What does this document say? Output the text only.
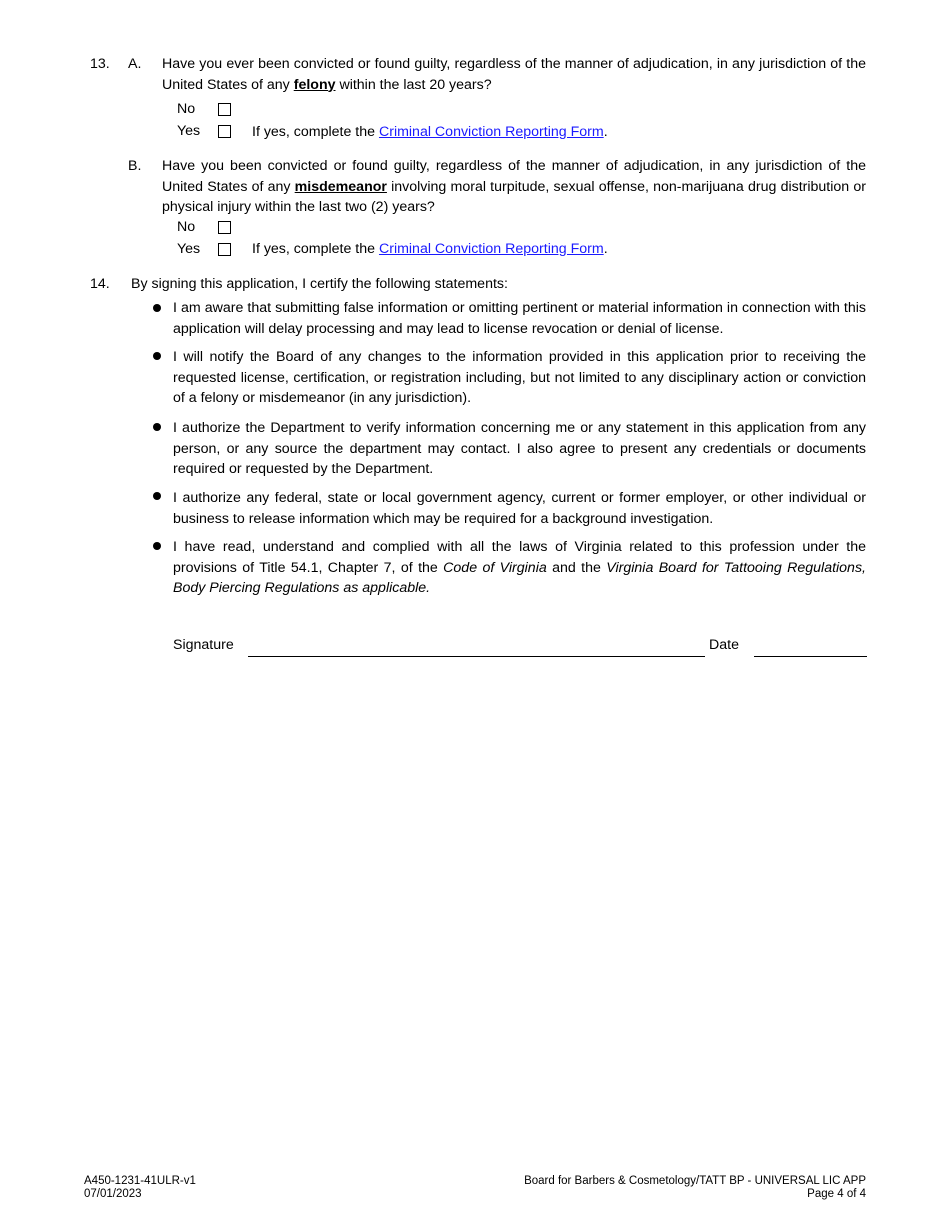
13. A. Have you ever been convicted or found guilty, regardless of the manner of adjudication, in any jurisdiction of the United States of any felony within the last 20 years?
No
Yes	If yes, complete the Criminal Conviction Reporting Form.
B. Have you been convicted or found guilty, regardless of the manner of adjudication, in any jurisdiction of the United States of any misdemeanor involving moral turpitude, sexual offense, non-marijuana drug distribution or physical injury within the last two (2) years?
No
Yes	If yes, complete the Criminal Conviction Reporting Form.
14. By signing this application, I certify the following statements:
I am aware that submitting false information or omitting pertinent or material information in connection with this application will delay processing and may lead to license revocation or denial of license.
I will notify the Board of any changes to the information provided in this application prior to receiving the requested license, certification, or registration including, but not limited to any disciplinary action or conviction of a felony or misdemeanor (in any jurisdiction).
I authorize the Department to verify information concerning me or any statement in this application from any person, or any source the department may contact. I also agree to present any credentials or documents required or requested by the Department.
I authorize any federal, state or local government agency, current or former employer, or other individual or business to release information which may be required for a background investigation.
I have read, understand and complied with all the laws of Virginia related to this profession under the provisions of Title 54.1, Chapter 7, of the Code of Virginia and the Virginia Board for Tattooing Regulations, Body Piercing Regulations as applicable.
Signature	Date
A450-1231-41ULR-v1
07/01/2023
Board for Barbers & Cosmetology/TATT BP - UNIVERSAL LIC APP
Page 4 of 4
